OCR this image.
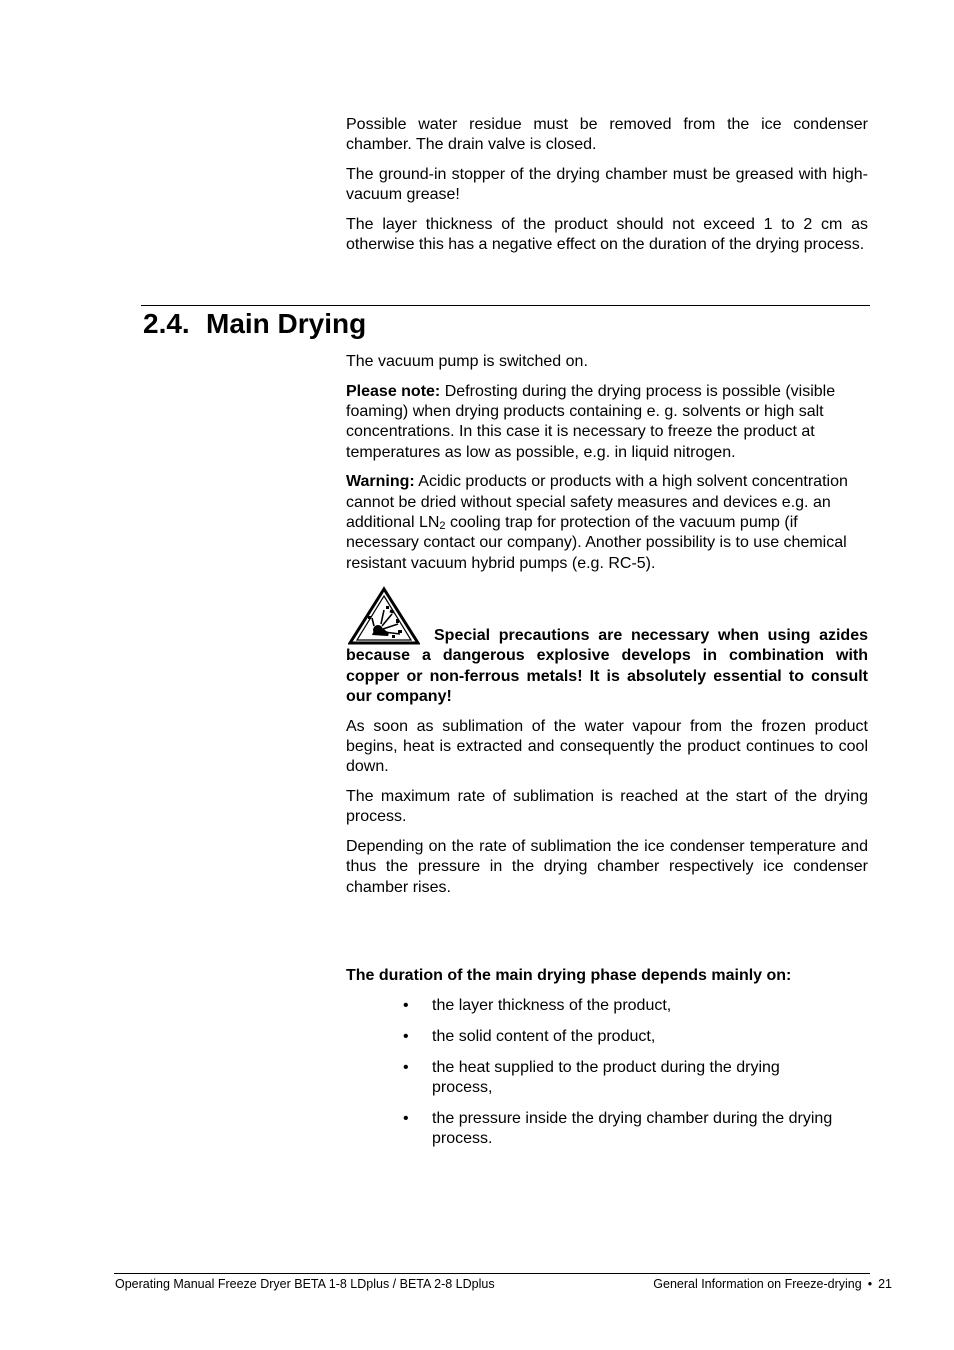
Possible water residue must be removed from the ice condenser chamber. The drain valve is closed.

The ground-in stopper of the drying chamber must be greased with high-vacuum grease!

The layer thickness of the product should not exceed 1 to 2 cm as otherwise this has a negative effect on the duration of the drying process.

2.4. Main Drying

The vacuum pump is switched on.

Please note: Defrosting during the drying process is possible (visible foaming) when drying products containing e. g. solvents or high salt concentrations. In this case it is necessary to freeze the product at temperatures as low as possible, e.g. in liquid nitrogen.

Warning: Acidic products or products with a high solvent concentration cannot be dried without special safety measures and devices e.g. an additional $LN_2$ cooling trap for protection of the vacuum pump (if necessary contact our company). Another possibility is to use chemical resistant vacuum hybrid pumps (e.g. RC-5).

Special precautions are necessary when using azides because a dangerous explosive develops in combination with copper or non-ferrous metals! It is absolutely essential to consult our company!

As soon as sublimation of the water vapour from the frozen product begins, heat is extracted and consequently the product continues to cool down.

The maximum rate of sublimation is reached at the start of the drying process.

Depending on the rate of sublimation the ice condenser temperature and thus the pressure in the drying chamber respectively ice condenser chamber rises.

The duration of the main drying phase depends mainly on:

• the layer thickness of the product,
• the solid content of the product,
• the heat supplied to the product during the drying process,
• the pressure inside the drying chamber during the drying process.
Operating Manual Freeze Dryer BETA 1-8 LDplus / BETA 2-8 LDplus	General Information on Freeze-drying • 21
